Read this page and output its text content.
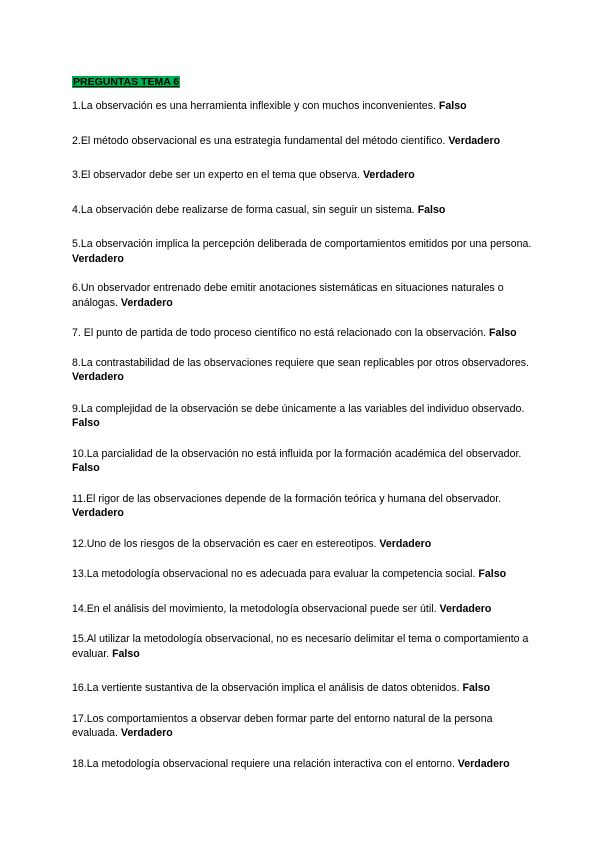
PREGUNTAS TEMA 6

1.La observación es una herramienta inflexible y con muchos inconvenientes. Falso

2.El método observacional es una estrategia fundamental del método científico. Verdadero

3.El observador debe ser un experto en el tema que observa. Verdadero

4.La observación debe realizarse de forma casual, sin seguir un sistema. Falso

5.La observación implica la percepción deliberada de comportamientos emitidos por una persona. Verdadero

6.Un observador entrenado debe emitir anotaciones sistemáticas en situaciones naturales o análogas. Verdadero

7. El punto de partida de todo proceso científico no está relacionado con la observación. Falso

8.La contrastabilidad de las observaciones requiere que sean replicables por otros observadores. Verdadero

9.La complejidad de la observación se debe únicamente a las variables del individuo observado. Falso

10.La parcialidad de la observación no está influida por la formación académica del observador. Falso

11.El rigor de las observaciones depende de la formación teórica y humana del observador. Verdadero

12.Uno de los riesgos de la observación es caer en estereotipos. Verdadero

13.La metodología observacional no es adecuada para evaluar la competencia social. Falso

14.En el análisis del movimiento, la metodología observacional puede ser útil. Verdadero

15.Al utilizar la metodología observacional, no es necesario delimitar el tema o comportamiento a evaluar. Falso

16.La vertiente sustantiva de la observación implica el análisis de datos obtenidos. Falso

17.Los comportamientos a observar deben formar parte del entorno natural de la persona evaluada. Verdadero

18.La metodología observacional requiere una relación interactiva con el entorno. Verdadero
